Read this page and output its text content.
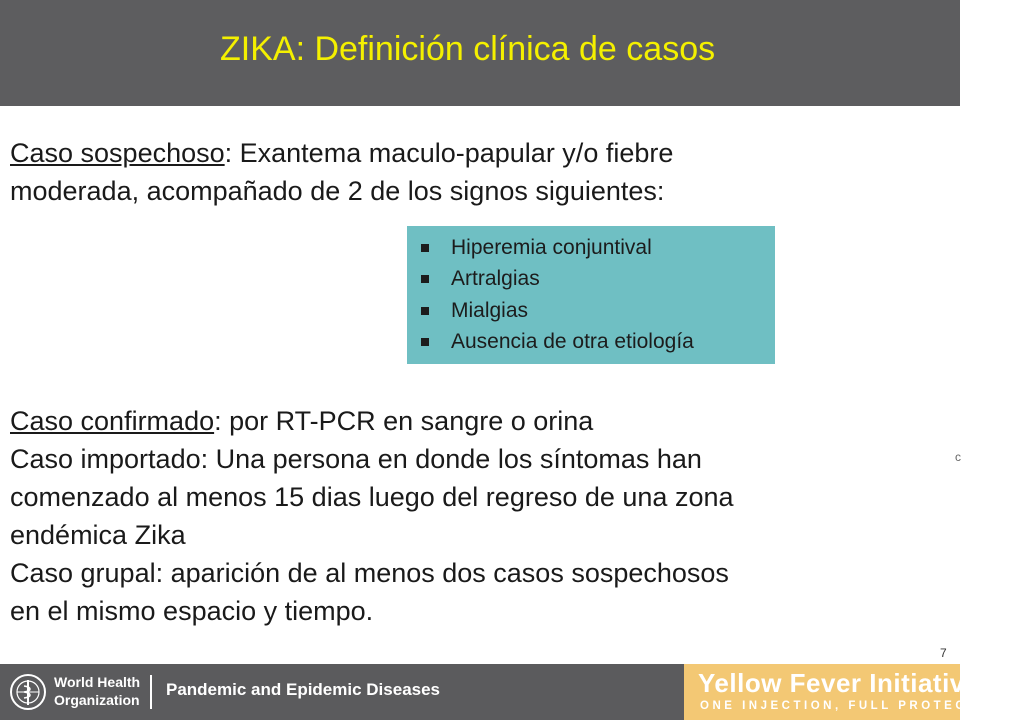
ZIKA: Definición clínica de casos
Caso sospechoso: Exantema maculo-papular y/o fiebre
moderada, acompañado de 2 de los signos siguientes:
Hiperemia conjuntival
Artralgias
Mialgias
Ausencia de otra etiología
Caso confirmado: por RT-PCR en sangre o orina
Caso importado: Una persona en donde los síntomas han
comenzado al menos 15 dias luego del regreso de una zona
endémica Zika
Caso grupal: aparición de al menos dos casos sospechosos
en el mismo espacio y tiempo.
c
7
World Health
Organization
Pandemic and Epidemic Diseases	Yellow Fever Initiative
ONE INJECTION, FULL PROTECTION
